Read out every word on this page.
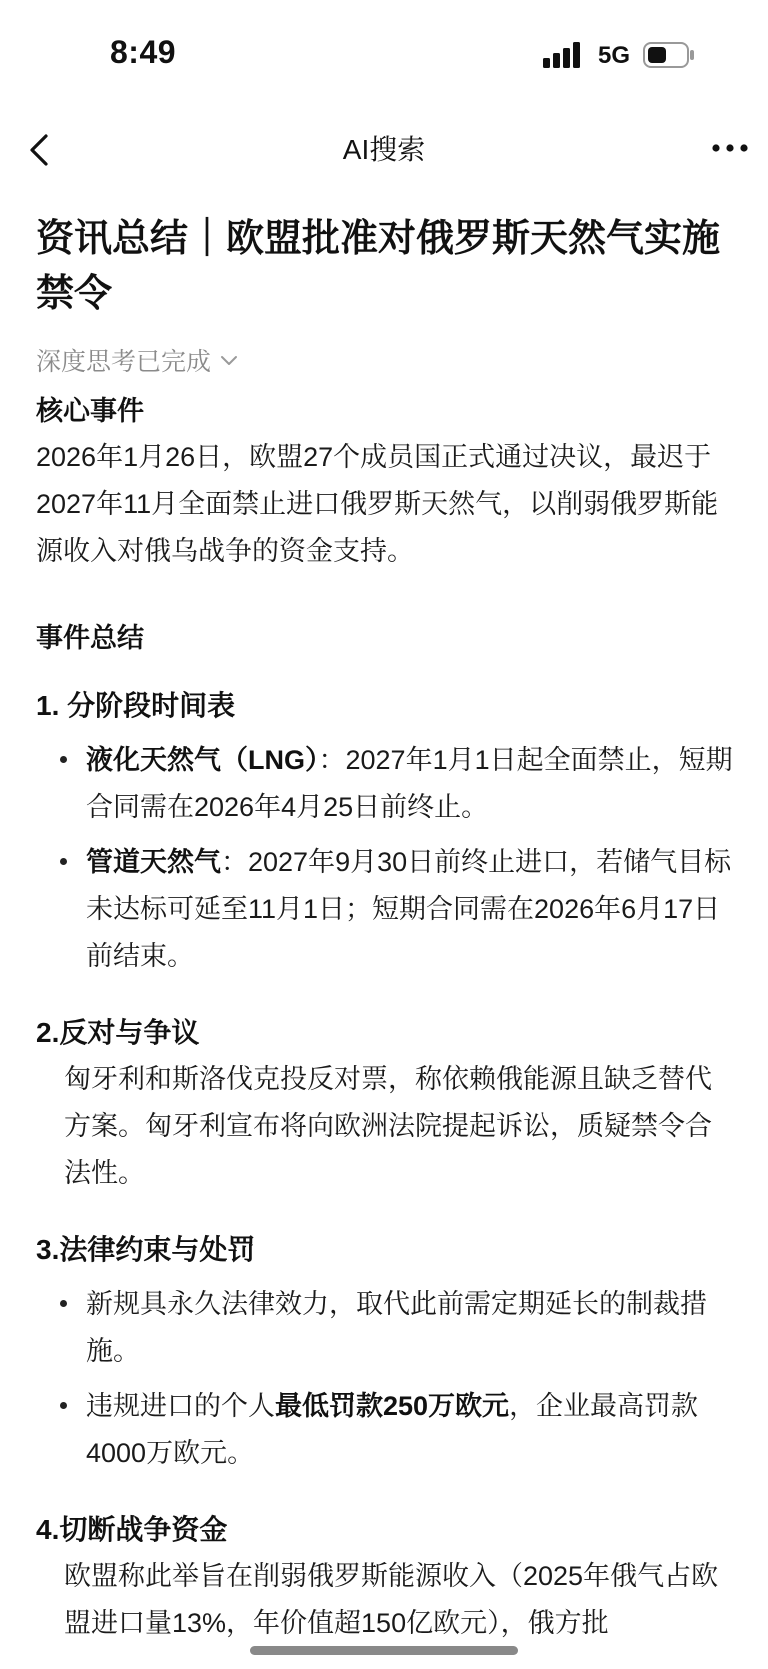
8:49	5G
AI搜索
资讯总结｜欧盟批准对俄罗斯天然气实施禁令
深度思考已完成
核心事件
2026年1月26日，欧盟27个成员国正式通过决议，最迟于2027年11月全面禁止进口俄罗斯天然气，以削弱俄罗斯能源收入对俄乌战争的资金支持。
事件总结
1. 分阶段时间表
液化天然气（LNG）：2027年1月1日起全面禁止，短期合同需在2026年4月25日前终止。
管道天然气：2027年9月30日前终止进口，若储气目标未达标可延至11月1日；短期合同需在2026年6月17日前结束。
2.反对与争议
匈牙利和斯洛伐克投反对票，称依赖俄能源且缺乏替代方案。匈牙利宣布将向欧洲法院提起诉讼，质疑禁令合法性。
3.法律约束与处罚
新规具永久法律效力，取代此前需定期延长的制裁措施。
违规进口的个人最低罚款250万欧元，企业最高罚款4000万欧元。
4.切断战争资金
欧盟称此举旨在削弱俄罗斯能源收入（2025年俄气占欧盟进口量13%，年价值超150亿欧元），俄方批
